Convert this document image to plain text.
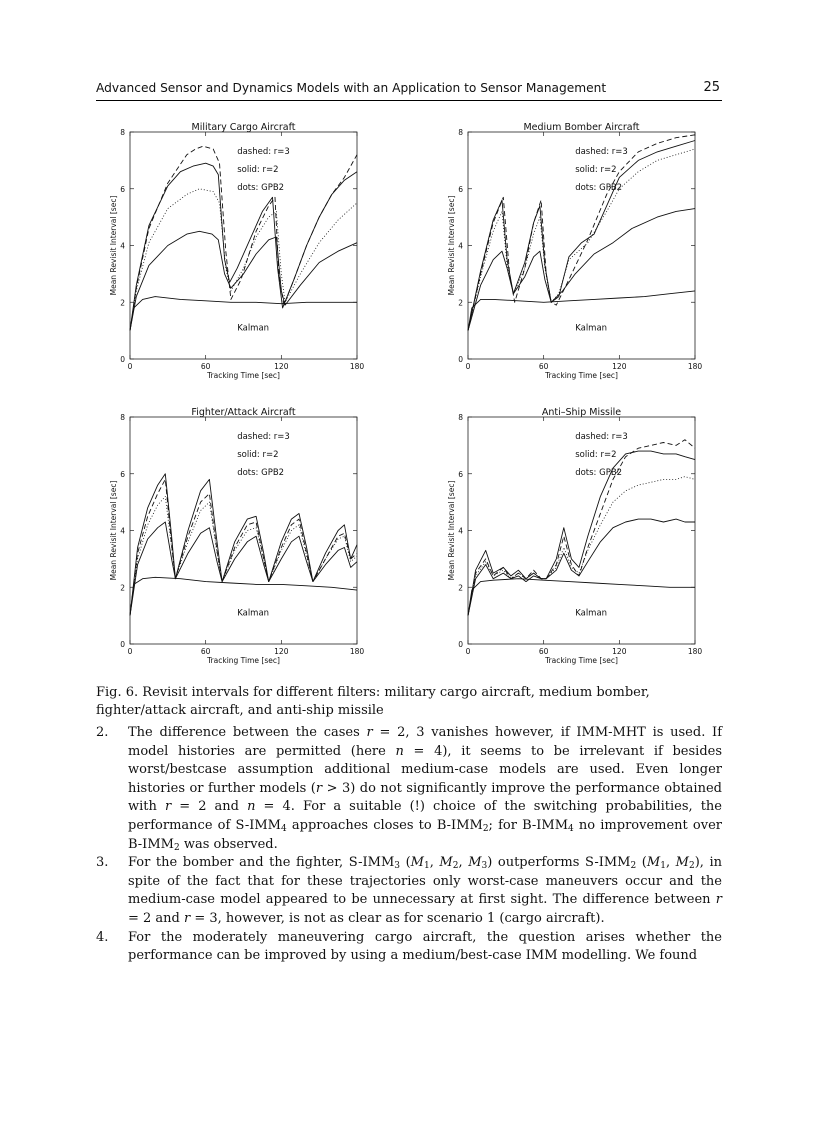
Advanced Sensor and Dynamics Models with an Application to Sensor Management	25
Military Cargo Aircraft
0	60	120	180
0
2
4
6
8
Tracking Time [sec]
Mean Revisit Interval [sec]
dashed: r=3
solid: r=2
dots: GPB2
Kalman
Medium Bomber Aircraft
0	60	120	180
0
2
4
6
8
Tracking Time [sec]
Mean Revisit Interval [sec]
dashed: r=3
solid: r=2
dots: GPB2
Kalman
Fighter/Attack Aircraft
0	60	120	180
0
2
4
6
8
Tracking Time [sec]
Mean Revisit Interval [sec]
dashed: r=3
solid: r=2
dots: GPB2
Kalman
Anti–Ship Missile
0	60	120	180
0
2
4
6
8
Tracking Time [sec]
Mean Revisit Interval [sec]
dashed: r=3
solid: r=2
dots: GPB2
Kalman
Fig. 6. Revisit intervals for different filters: military cargo aircraft, medium bomber, fighter/attack aircraft, and anti-ship missile
2.	The difference between the cases r = 2, 3 vanishes however, if IMM-MHT is used. If model histories are permitted (here n = 4), it seems to be irrelevant if besides worst/bestcase assumption additional medium-case models are used. Even longer histories or further models (r > 3) do not significantly improve the performance obtained with r = 2 and n = 4. For a suitable (!) choice of the switching probabilities, the performance of $S-IMM_4$ approaches closes to $B-IMM_2$; for $B-IMM_4$ no improvement over $B-IMM_2$ was observed.
3.	For the bomber and the fighter, $S-IMM_3$ ($M_1$, $M_2$, $M_3$) outperforms $S-IMM_2$ ($M_1$, $M_2$), in spite of the fact that for these trajectories only worst-case maneuvers occur and the medium-case model appeared to be unnecessary at first sight. The difference between r = 2 and r = 3, however, is not as clear as for scenario 1 (cargo aircraft).
4.	For the moderately maneuvering cargo aircraft, the question arises whether the performance can be improved by using a medium/best-case IMM modelling. We found
